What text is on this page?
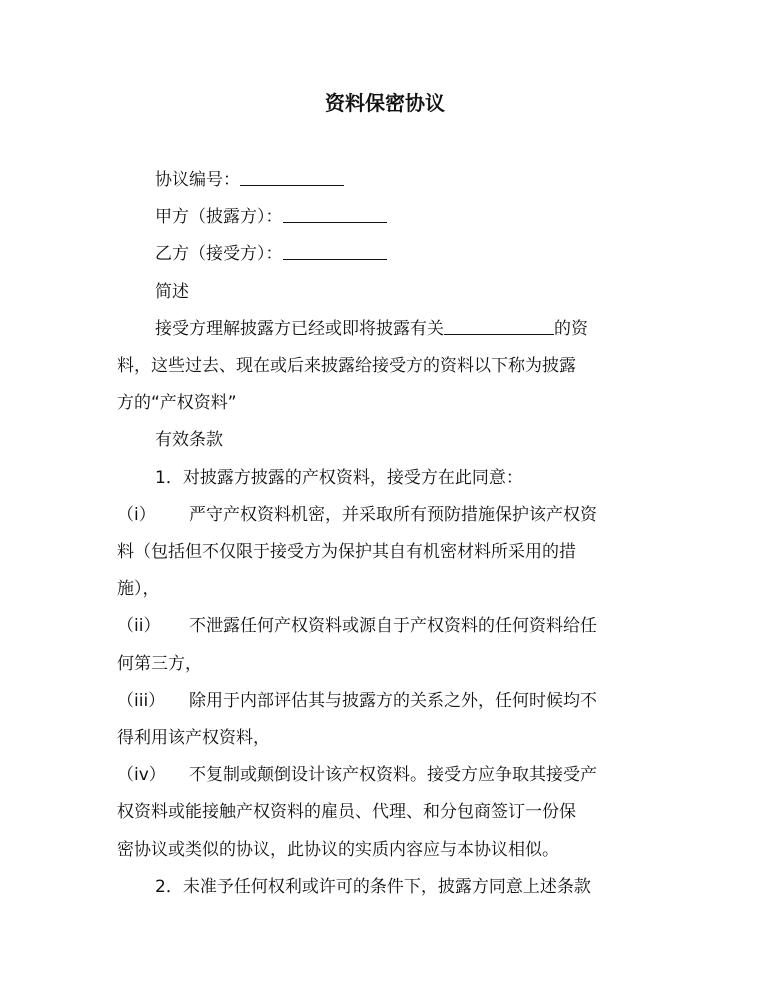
资料保密协议

协议编号：

甲方（披露方）：

乙方（接受方）：

简述

接受方理解披露方已经或即将披露有关	的资

料，这些过去、现在或后来披露给接受方的资料以下称为披露

方的“产权资料”

有效条款

1．对披露方披露的产权资料，接受方在此同意：

（i） 严守产权资料机密，并采取所有预防措施保护该产权资

料（包括但不仅限于接受方为保护其自有机密材料所采用的措

施），

（ii） 不泄露任何产权资料或源自于产权资料的任何资料给任

何第三方，

（iii） 除用于内部评估其与披露方的关系之外，任何时候均不

得利用该产权资料，

（iv） 不复制或颠倒设计该产权资料。接受方应争取其接受产

权资料或能接触产权资料的雇员、代理、和分包商签订一份保

密协议或类似的协议，此协议的实质内容应与本协议相似。

2．未准予任何权利或许可的条件下，披露方同意上述条款
